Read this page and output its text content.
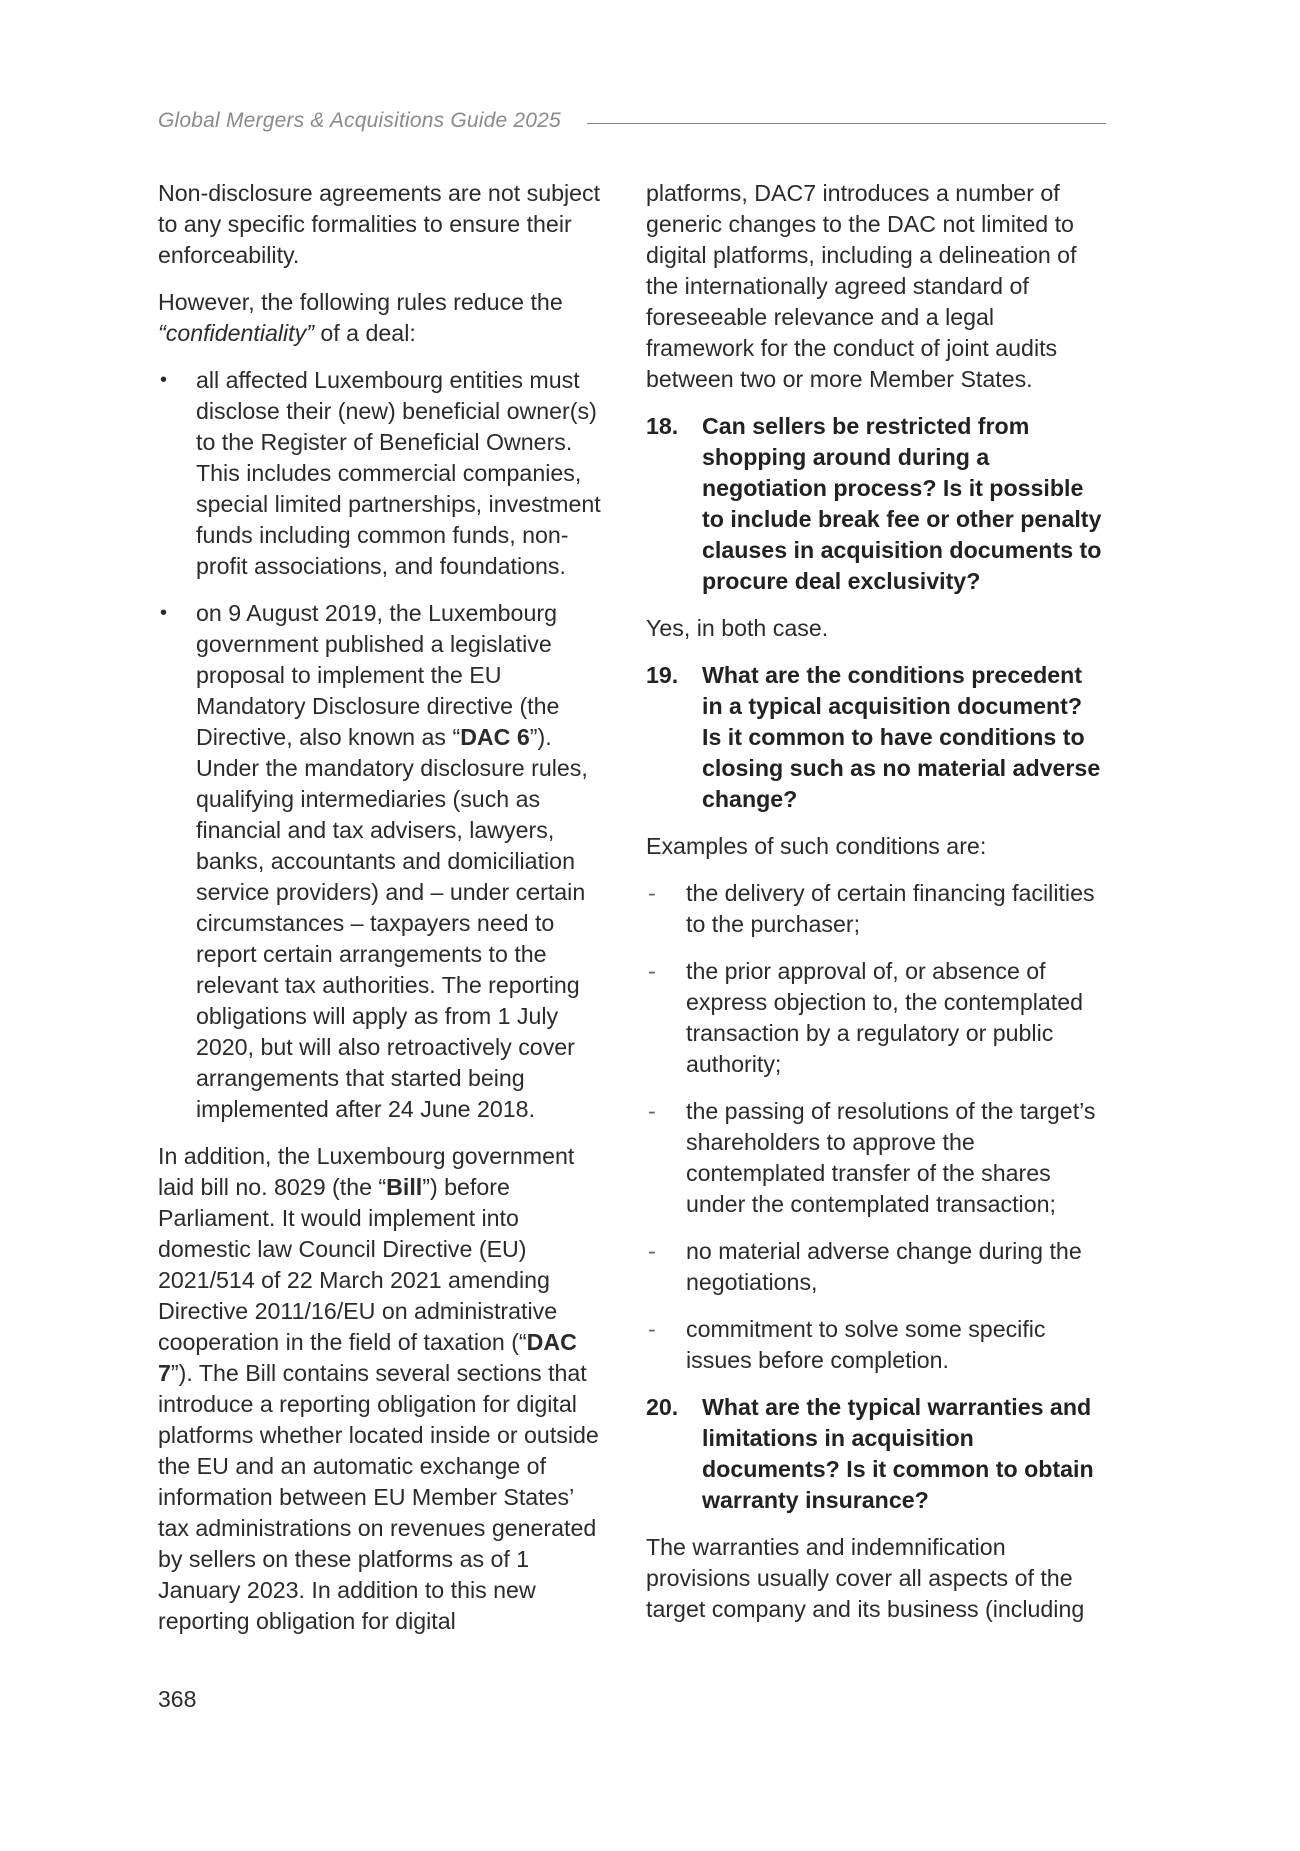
Global Mergers & Acquisitions Guide 2025

Non-disclosure agreements are not subject to any specific formalities to ensure their enforceability.

However, the following rules reduce the “confidentiality” of a deal:

• all affected Luxembourg entities must disclose their (new) beneficial owner(s) to the Register of Beneficial Owners. This includes commercial companies, special limited partnerships, investment funds including common funds, non-profit associations, and foundations.
• on 9 August 2019, the Luxembourg government published a legislative proposal to implement the EU Mandatory Disclosure directive (the Directive, also known as “DAC 6”). Under the mandatory disclosure rules, qualifying intermediaries (such as financial and tax advisers, lawyers, banks, accountants and domiciliation service providers) and – under certain circumstances – taxpayers need to report certain arrangements to the relevant tax authorities. The reporting obligations will apply as from 1 July 2020, but will also retroactively cover arrangements that started being implemented after 24 June 2018.

In addition, the Luxembourg government laid bill no. 8029 (the “Bill”) before Parliament. It would implement into domestic law Council Directive (EU) 2021/514 of 22 March 2021 amending Directive 2011/16/EU on administrative cooperation in the field of taxation (“DAC 7”). The Bill contains several sections that introduce a reporting obligation for digital platforms whether located inside or outside the EU and an automatic exchange of information between EU Member States’ tax administrations on revenues generated by sellers on these platforms as of 1 January 2023. In addition to this new reporting obligation for digital

platforms, DAC7 introduces a number of generic changes to the DAC not limited to digital platforms, including a delineation of the internationally agreed standard of foreseeable relevance and a legal framework for the conduct of joint audits between two or more Member States.

18. Can sellers be restricted from shopping around during a negotiation process? Is it possible to include break fee or other penalty clauses in acquisition documents to procure deal exclusivity?

Yes, in both case.

19. What are the conditions precedent in a typical acquisition document? Is it common to have conditions to closing such as no material adverse change?

Examples of such conditions are:

- the delivery of certain financing facilities to the purchaser;
- the prior approval of, or absence of express objection to, the contemplated transaction by a regulatory or public authority;
- the passing of resolutions of the target’s shareholders to approve the contemplated transfer of the shares under the contemplated transaction;
- no material adverse change during the negotiations,
- commitment to solve some specific issues before completion.
20. What are the typical warranties and limitations in acquisition documents? Is it common to obtain warranty insurance?

The warranties and indemnification provisions usually cover all aspects of the target company and its business (including

368
